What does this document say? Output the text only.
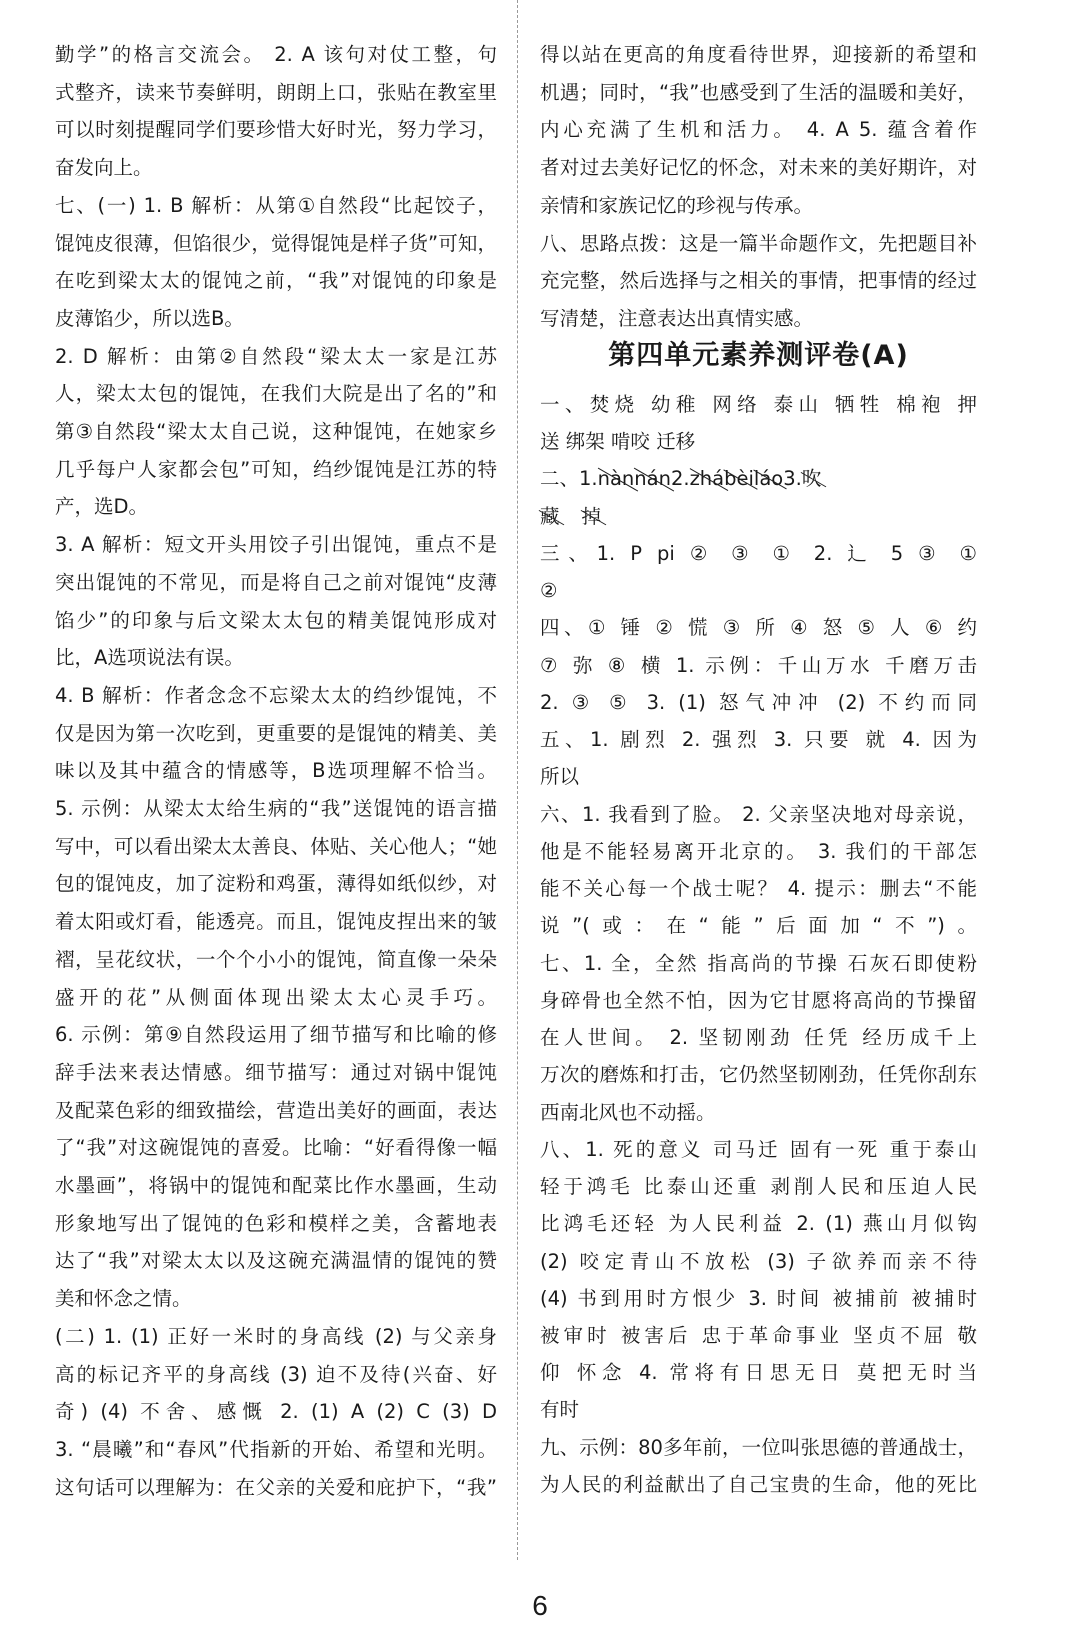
勤学”的格言交流会。 2. A 该句对仗工整，句
式整齐，读来节奏鲜明，朗朗上口，张贴在教室里
可以时刻提醒同学们要珍惜大好时光，努力学习，
奋发向上。
七、(一) 1. B 解析：从第①自然段“比起饺子，
馄饨皮很薄，但馅很少，觉得馄饨是样子货”可知，
在吃到梁太太的馄饨之前，“我”对馄饨的印象是
皮薄馅少，所以选B。
2. D 解析：由第②自然段“梁太太一家是江苏
人，梁太太包的馄饨，在我们大院是出了名的”和
第③自然段“梁太太自己说，这种馄饨，在她家乡
几乎每户人家都会包”可知，绉纱馄饨是江苏的特
产，选D。
3. A 解析：短文开头用饺子引出馄饨，重点不是
突出馄饨的不常见，而是将自己之前对馄饨“皮薄
馅少”的印象与后文梁太太包的精美馄饨形成对
比，A选项说法有误。
4. B 解析：作者念念不忘梁太太的绉纱馄饨，不
仅是因为第一次吃到，更重要的是馄饨的精美、美
味以及其中蕴含的情感等，B选项理解不恰当。
5. 示例：从梁太太给生病的“我”送馄饨的语言描
写中，可以看出梁太太善良、体贴、关心他人；“她
包的馄饨皮，加了淀粉和鸡蛋，薄得如纸似纱，对
着太阳或灯看，能透亮。而且，馄饨皮捏出来的皱
褶，呈花纹状，一个个小小的馄饨，简直像一朵朵
盛开的花”从侧面体现出梁太太心灵手巧。
6. 示例：第⑨自然段运用了细节描写和比喻的修
辞手法来表达情感。细节描写：通过对锅中馄饨
及配菜色彩的细致描绘，营造出美好的画面，表达
了“我”对这碗馄饨的喜爱。比喻：“好看得像一幅
水墨画”，将锅中的馄饨和配菜比作水墨画，生动
形象地写出了馄饨的色彩和模样之美，含蓄地表
达了“我”对梁太太以及这碗充满温情的馄饨的赞
美和怀念之情。
(二) 1. (1) 正好一米时的身高线 (2) 与父亲身
高的标记齐平的身高线 (3) 迫不及待(兴奋、好
奇) (4) 不舍、感慨 2. (1) A (2) C (3) D
3. “晨曦”和“春风”代指新的开始、希望和光明。
这句话可以理解为：在父亲的关爱和庇护下，“我”
第四单元素养测评卷(A)
得以站在更高的角度看待世界，迎接新的希望和
机遇；同时，“我”也感受到了生活的温暖和美好，
内心充满了生机和活力。 4. A 5. 蕴含着作
者对过去美好记忆的怀念，对未来的美好期许，对
亲情和家族记忆的珍视与传承。
八、思路点拨：这是一篇半命题作文，先把题目补
充完整，然后选择与之相关的事情，把事情的经过
写清楚，注意表达出真情实感。
一、焚烧 幼稚 网络 泰山 牺牲 棉袍 押
送 绑架 啃咬 迁移
二、1.nànnán2.zhábèiláo3.吹
藏 掉
三、1. P pi ② ③ ① 2. 辶 5 ③ ①
②
四、① 锤 ② 慌 ③ 所 ④ 怒 ⑤ 人 ⑥ 约
⑦ 弥 ⑧ 横 1. 示例：千山万水 千磨万击
2. ③ ⑤ 3. (1) 怒气冲冲 (2) 不约而同
五、1. 剧烈 2. 强烈 3. 只要 就 4. 因为
所以
六、1. 我看到了脸。 2. 父亲坚决地对母亲说，
他是不能轻易离开北京的。 3. 我们的干部怎
能不关心每一个战士呢？ 4. 提示：删去“不能
说”(或：在“能”后面加“不”)。
七、1. 全，全然 指高尚的节操 石灰石即使粉
身碎骨也全然不怕，因为它甘愿将高尚的节操留
在人世间。 2. 坚韧刚劲 任凭 经历成千上
万次的磨炼和打击，它仍然坚韧刚劲，任凭你刮东
西南北风也不动摇。
八、1. 死的意义 司马迁 固有一死 重于泰山
轻于鸿毛 比泰山还重 剥削人民和压迫人民
比鸿毛还轻 为人民利益 2. (1) 燕山月似钩
(2) 咬定青山不放松 (3) 子欲养而亲不待
(4) 书到用时方恨少 3. 时间 被捕前 被捕时
被审时 被害后 忠于革命事业 坚贞不屈 敬
仰 怀念 4. 常将有日思无日 莫把无时当
有时
九、示例：80多年前，一位叫张思德的普通战士，
为人民的利益献出了自己宝贵的生命，他的死比
6
